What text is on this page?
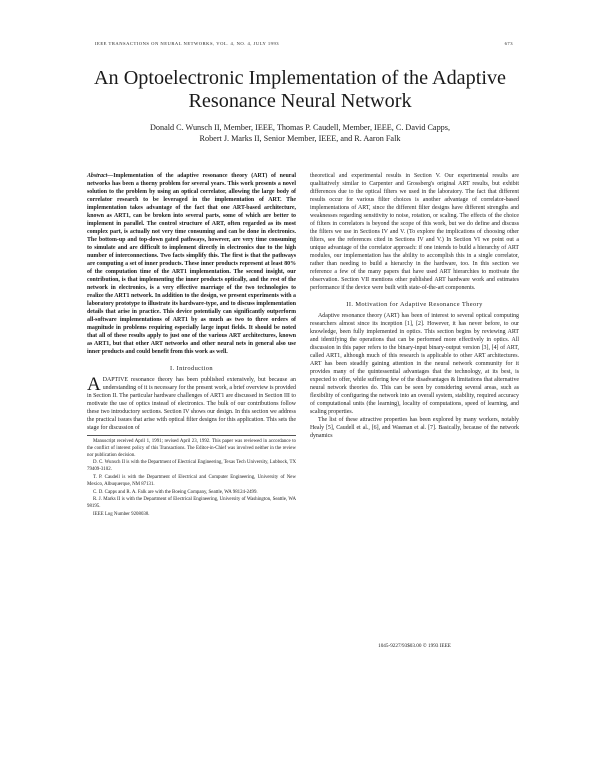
IEEE TRANSACTIONS ON NEURAL NETWORKS, VOL. 4, NO. 4, JULY 1993	673
An Optoelectronic Implementation of the Adaptive Resonance Neural Network
Donald C. Wunsch II, Member, IEEE, Thomas P. Caudell, Member, IEEE, C. David Capps,
Robert J. Marks II, Senior Member, IEEE, and R. Aaron Falk

Abstract—Implementation of the adaptive resonance theory (ART) of neural networks has been a thorny problem for several years. This work presents a novel solution to the problem by using an optical correlator, allowing the large body of correlator research to be leveraged in the implementation of ART. The implementation takes advantage of the fact that one ART-based architecture, known as ART1, can be broken into several parts, some of which are better to implement in parallel. The control structure of ART, often regarded as its most complex part, is actually not very time consuming and can be done in electronics. The bottom-up and top-down gated pathways, however, are very time consuming to simulate and are difficult to implement directly in electronics due to the high number of interconnections. Two facts simplify this. The first is that the pathways are computing a set of inner products. These inner products represent at least 80% of the computation time of the ART1 implementation. The second insight, our contribution, is that implementing the inner products optically, and the rest of the network in electronics, is a very effective marriage of the two technologies to realize the ART1 network. In addition to the design, we present experiments with a laboratory prototype to illustrate its hardware-type, and to discuss implementation details that arise in practice. This device potentially can significantly outperform all-software implementations of ART1 by as much as two to three orders of magnitude in problems requiring especially large input fields. It should be noted that all of these results apply to just one of the various ART architectures, known as ART1, but that other ART networks and other neural nets in general also use inner products and could benefit from this work as well.

I. Introduction

ADAPTIVE resonance theory has been published extensively, but because an understanding of it is necessary for the present work, a brief overview is provided in Section II. The particular hardware challenges of ART1 are discussed in Section III to motivate the use of optics instead of electronics. The bulk of our contributions follow these two introductory sections. Section IV shows our design. In this section we address the practical issues that arise with optical filter designs for this application. This sets the stage for discussion of

Manuscript received April 1, 1991; revised April 23, 1992. This paper was reviewed in accordance to the conflict of interest policy of this Transactions. The Editor-in-Chief was involved neither in the review nor publication decision.

D. C. Wunsch II is with the Department of Electrical Engineering, Texas Tech University, Lubbock, TX 79409-3102.

T. P. Caudell is with the Department of Electrical and Computer Engineering, University of New Mexico, Albuquerque, NM 87131.

C. D. Capps and R. A. Falk are with the Boeing Company, Seattle, WA 98124-2499.

R. J. Marks II is with the Department of Electrical Engineering, University of Washington, Seattle, WA 98195.

IEEE Log Number 9208038.

theoretical and experimental results in Section V. Our experimental results are qualitatively similar to Carpenter and Grossberg's original ART results, but exhibit differences due to the optical filters we used in the laboratory. The fact that different results occur for various filter choices is another advantage of correlator-based implementations of ART, since the different filter designs have different strengths and weaknesses regarding sensitivity to noise, rotation, or scaling. The effects of the choice of filters in correlators is beyond the scope of this work, but we do define and discuss the filters we use in Sections IV and V. (To explore the implications of choosing other filters, see the references cited in Sections IV and V.) In Section VI we point out a unique advantage of the correlator approach: if one intends to build a hierarchy of ART modules, our implementation has the ability to accomplish this in a single correlator, rather than needing to build a hierarchy in the hardware, too. In this section we reference a few of the many papers that have used ART hierarchies to motivate the observation. Section VII mentions other published ART hardware work and estimates performance if the device were built with state-of-the-art components.

II. Motivation for Adaptive Resonance Theory

Adaptive resonance theory (ART) has been of interest to several optical computing researchers almost since its inception [1], [2]. However, it has never before, to our knowledge, been fully implemented in optics. This section begins by reviewing ART and identifying the operations that can be performed more effectively in optics. All discussion in this paper refers to the binary-input binary-output version [3], [4] of ART, called ART1, although much of this research is applicable to other ART architectures. ART has been steadily gaining attention in the neural network community for it provides many of the quintessential advantages that the technology, at its best, is expected to offer, while suffering few of the disadvantages & limitations that alternative neural network theories do. This can be seen by considering several areas, such as flexibility of configuring the network into an overall system, stability, required accuracy of computational units (the learning), locality of computations, speed of learning, and scaling properties.

The list of these attractive properties has been explored by many workers, notably Healy [5], Caudell et al., [6], and Wasman et al. [7]. Basically, because of the network dynamics

1045-9227/93$03.00 © 1993 IEEE
